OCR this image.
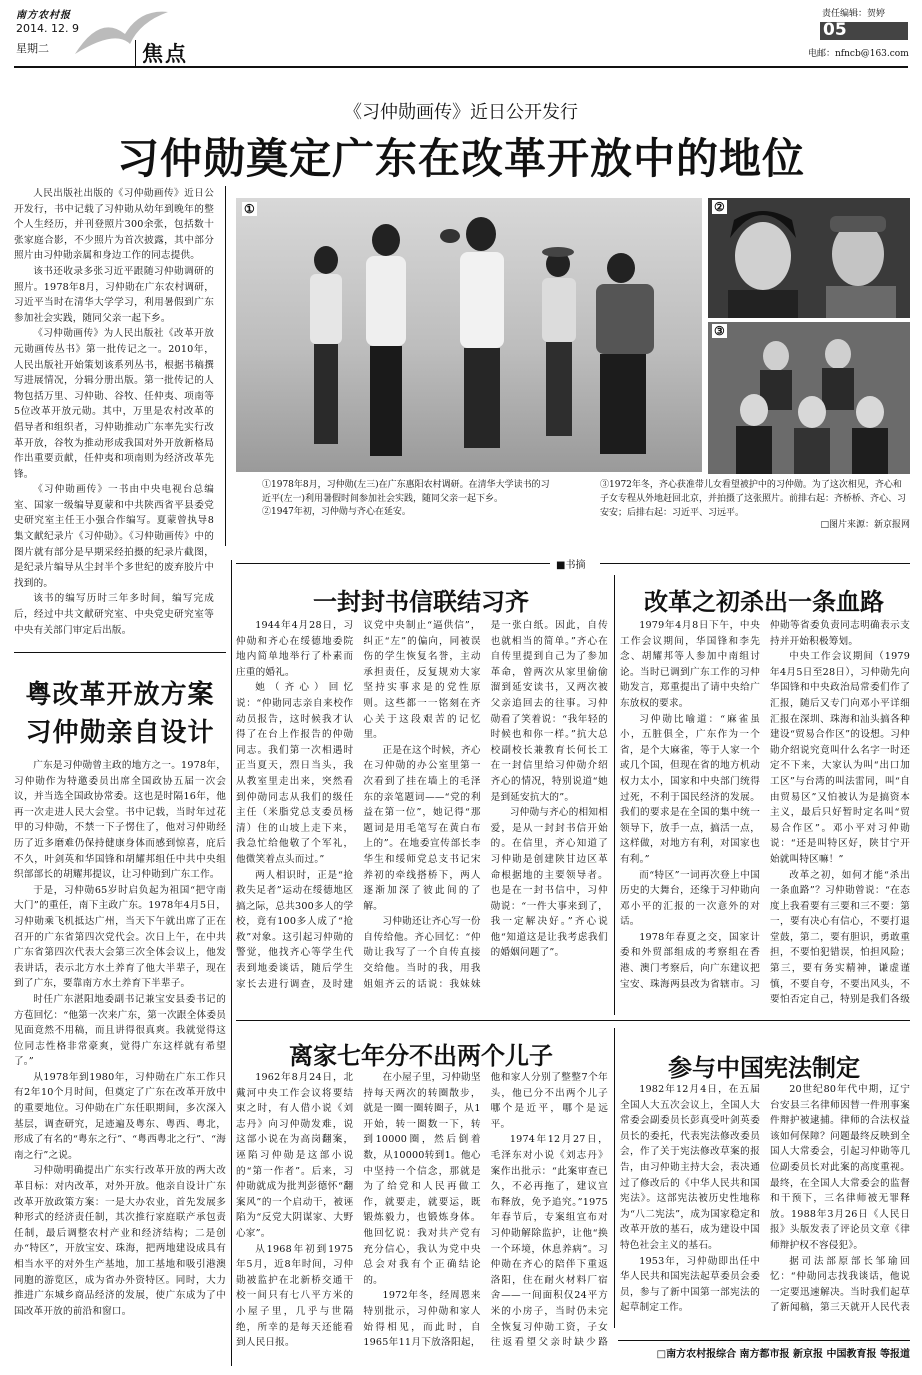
南方农村报
2014. 12. 9
星期二	焦点
责任编辑：贺婷
05
电邮：nfncb@163.com
《习仲勋画传》近日公开发行
习仲勋奠定广东在改革开放中的地位

人民出版社出版的《习仲勋画传》近日公开发行，书中记载了习仲勋从幼年到晚年的整个人生经历，并刊登照片300余张，包括数十张家庭合影，不少照片为首次披露，其中部分照片由习仲勋亲属和身边工作的同志提供。

该书还收录多张习近平跟随习仲勋调研的照片。1978年8月，习仲勋在广东农村调研，习近平当时在清华大学学习，利用暑假到广东参加社会实践，随同父亲一起下乡。

《习仲勋画传》为人民出版社《改革开放元勋画传丛书》第一批传记之一。2010年，人民出版社开始策划该系列丛书，根据书稿撰写进展情况，分辑分册出版。第一批传记的人物包括万里、习仲勋、谷牧、任仲夷、项南等5位改革开放元勋。其中，万里是农村改革的倡导者和组织者，习仲勋推动广东率先实行改革开放，谷牧为推动形成我国对外开放新格局作出重要贡献，任仲夷和项南则为经济改革先锋。

《习仲勋画传》一书由中央电视台总编室、国家一级编导夏蒙和中共陕西省平县委党史研究室主任王小强合作编写。夏蒙曾执导8集文献纪录片《习仲勋》。《习仲勋画传》中的图片就有部分是早期采经拍摄的纪录片截图，是纪录片编导从尘封半个多世纪的废弃胶片中找到的。

该书的编写历时三年多时间，编写完成后，经过中共文献研究室、中央党史研究室等中央有关部门审定后出版。

①	②
③
①1978年8月，习仲勋(左三)在广东惠阳农村调研。在清华大学读书的习近平(左一)利用暑假时间参加社会实践，随同父亲一起下乡。
②1947年初，习仲勋与齐心在延安。
③1972年冬，齐心获准带儿女看望被护中的习仲勋。为了这次相见，齐心和子女专程从外地赶回北京，并拍摄了这张照片。前排右起：齐桥桥、齐心、习安安；后排右起：习近平、习远平。
□图片来源：新京报网
■书摘
粤改革开放方案
习仲勋亲自设计

广东是习仲勋曾主政的地方之一。1978年，习仲勋作为特邀委员出席全国政协五届一次会议，并当选全国政协常委。这也是时隔16年，他再一次走进人民大会堂。书中记载，当时年过花甲的习仲勋，不禁一下子愣住了，他对习仲勋经历了近多磨难仍保持健康身体而感到惊喜，庇后不久，叶剑英和华国锋和胡耀邦组任中共中央组织部部长的胡耀邦提议，让习仲勋到广东工作。

于是，习仲勋65岁时启负起为祖国“把守南大门”的重任，南下主政广东。1978年4月5日，习仲勋乘飞机抵达广州，当天下午就出席了正在召开的广东省第四次党代会。次日上午，在中共广东省第四次代表大会第三次全体会议上，他发表讲话，表示北方水土养育了他大半辈子，现在到了广东，要靠南方水土养育下半辈子。

时任广东湛阳地委副书记兼宝安县委书记的方苞回忆：“他第一次来广东，第一次跟全体委员见面竟然不用稿，而且讲得很真爽。我就觉得这位同志性格非常豪爽，觉得广东这样就有希望了。”

从1978年到1980年，习仲勋在广东工作只有2年10个月时间，但奠定了广东在改革开放中的重要地位。习仲勋在广东任职期间，多次深入基层，调查研究，足迹遍及粤东、粤西、粤北，形成了有名的“粤东之行”、“粤西粤北之行”、“海南之行”之说。

习仲勋明确提出广东实行改革开放的两大改革目标：对内改革，对外开放。他亲自设计广东改革开放政策方案：一是大办农业，首先发展多种形式的经济责任制，其次推行家庭联产承包责任制，最后调整农村产业和经济结构；二是创办“特区”，开放宝安、珠海，把两地建设成具有相当水平的对外生产基地，加工基地和吸引港澳同胞的游览区，成为省办外资特区。同时，大力推进广东城乡商品经济的发展，使广东成为了中国改革开放的前沿和窗口。

一封封书信联结习齐

1944年4月28日，习仲勋和齐心在绥德地委院地内简单地举行了朴素而庄重的婚礼。

她（齐心）回忆说：“仲勋同志亲自来校作动员报告，这时候我才认得了在台上作报告的仲勋同志。我们第一次相遇时正当夏天，烈日当头，我从教室里走出来，突然看到仲勋同志从我们的级任主任（米脂党总支委员杨清）住的山坡上走下来，我急忙给他敬了个军礼，他微笑着点头而过。”

两人相识时，正是“抢救失足者”运动在绥德地区搞之际，总共300多人的学校，竟有100多人成了“抢救”对象。这引起习仲勋的警觉，他找齐心等学生代表到地委谈话，随后学生家长去进行调查，及时建议党中央制止“逼供信”，纠正“左”的偏向，同被误伤的学生恢复名誉，主动承担责任，反复规劝大家坚持实事求是的党性原则。这些都一一铭刻在齐心关于这段艰苦的记忆里。

正是在这个时候，齐心在习仲勋的办公室里第一次看到了挂在墙上的毛泽东的亲笔题词——“党的利益在第一位”，她记得“那题词是用毛笔写在黄白布上的”。在地委宣传部长李华生和绥师党总支书记宋养初的牵线搭桥下，两人逐渐加深了彼此间的了解。

习仲勋还让齐心写一份自传给他。齐心回忆：“仲勋让我写了一个自传直接交给他。当时的我，用我姐姐齐云的话说：我妹妹是一张白纸。因此，自传也就相当的简单。”齐心在自传里提到自己为了参加革命，曾两次从家里偷偷溜到延安读书，又两次被父亲追回去的往事。习仲勋看了笑着说：“我年轻的时候也和你一样。”抗大总校副校长兼教育长何长工在一封信里给习仲勋介绍齐心的情况，特别说道“她是到延安抗大的”。

习仲勋与齐心的相知相爱，是从一封封书信开始的。在信里，齐心知道了习仲勋是创建陕甘边区革命根据地的主要领导者。也是在一封书信中，习仲勋说：“一件大事来到了，我一定解决好。”齐心说他“知道这是让我考虑我们的婚姻问题了”。

改革之初杀出一条血路

1979年4月8日下午，中央工作会议期间，华国锋和李先念、胡耀邦等人参加中南组讨论。当时已调到广东工作的习仲勋发言，郑重提出了请中央给广东放权的要求。

习仲勋比喻道：“麻雀虽小，五脏俱全，广东作为一个省，是个大麻雀，等于人家一个或几个国，但现在省的地方机动权力太小，国家和中央部门统得过死，不利于国民经济的发展。我们的要求是在全国的集中统一领导下，放手一点，搞活一点，这样做，对地方有利，对国家也有利。”

而“特区”一词再次登上中国历史的大舞台，还缘于习仲勋向邓小平的汇报的一次意外的对话。

1978年春夏之交，国家计委和外贸部组成的考察组在香港、澳门考察后，向广东建议把宝安、珠海两县改为省辖市。习仲勋等省委负责同志明确表示支持并开始积极筹划。

中央工作会议期间（1979年4月5日至28日），习仲勋先向华国锋和中央政治局常委们作了汇报，随后又专门向邓小平详细汇报在深圳、珠海和汕头搞各种建设“贸易合作区”的设想。习仲勋介绍说究竟叫什么名字一时还定不下来，大家认为叫“出口加工区”与台湾的叫法雷同，叫“自由贸易区”又怕被认为是搞资本主义，最后只好暂时定名叫“贸易合作区”。邓小平对习仲勋说：“还是叫特区好，陕甘宁开始就叫特区嘛！”

改革之初，如何才能“杀出一条血路”？习仲勋曾说：“在态度上我看要有三要和三不要：第一，要有决心有信心，不要打退堂鼓，第二，要有胆识，勇敢重担，不要怕犯错误，怕担风险；第三，要有务实精神，谦虚谨慎，不要自夸，不要出风头，不要怕否定自己，特别是我们各级

离家七年分不出两个儿子

1962年8月24日，北戴河中央工作会议将要结束之时，有人借小说《刘志丹》向习仲勋发难，说这部小说在为高岗翻案，诬陷习仲勋是这部小说的“第一作者”。后来，习仲勋就成为批判彭德怀“翻案风”的一个启动干，被诬陷为“反党大阴谋家、大野心家”。

从1968年初到1975年5月，近8年时间，习仲勋被监护在北新桥交通干校一间只有七八平方米的小屋子里，几乎与世隔绝，所幸的是每天还能看到人民日报。

在小屋子里，习仲勋坚持每天两次的转圈散步，就是一圈一圈转圈子，从1开始，转一圈数一下，转到10000圈，然后倒着数，从10000转到1。他心中坚持一个信念，那就是为了给党和人民再做工作，就要走，就要运，既锻炼毅力，也锻炼身体。他回忆说：我对共产党有充分信心，我认为党中央总会对我有个正确结论的。

1972年冬，经周恩来特别批示，习仲勋和家人始得相见，而此时，自1965年11月下放洛阳起，他和家人分别了整整7个年头，他已分不出两个儿子哪个是近平，哪个是远平。

1974年12月27日，毛泽东对小说《刘志丹》案作出批示：“此案审查已久，不必再拖了，建议宣布释放，免予追究。”1975年春节后，专案组宣布对习仲勋解除监护，让他“换一个环境，休息养病”。习仲勋在齐心的陪伴下重返洛阳，住在耐火材料厂宿舍——一间面积仅24平方米的小房子，当时仍未完全恢复习仲勋工资，子女往返看望父亲时缺少路

参与中国宪法制定

1982年12月4日，在五届全国人大五次会议上，全国人大常委会副委员长彭真受叶剑英委员长的委托，代表宪法修改委员会，作了关于宪法修改草案的报告，由习仲勋主持大会，表决通过了修改后的《中华人民共和国宪法》。这部宪法被历史性地称为“八二宪法”，成为国家稳定和改革开放的基石，成为建设中国特色社会主义的基石。

1953年，习仲勋即出任中华人民共和国宪法起草委员会委员，参与了新中国第一部宪法的起草制定工作。

20世纪80年代中期，辽宁台安县三名律师因替一件刑事案件辩护被逮捕。律师的合法权益该如何保障？问题最终反映到全国人大常委会，引起习仲勋等几位副委员长对此案的高度重视。最终，在全国人大常委会的监督和干预下，三名律师被无罪释放。1988年3月26日《人民日报》头版发表了评论员文章《律师辩护权不容侵犯》。

据司法部原部长邹瑜回忆：“仲勋同志找我谈话，他说一定要迅速解决。当时我们起草了新闻稿，第三天就开人民代表

□南方农村报综合 南方都市报 新京报 中国教育报 等报道
